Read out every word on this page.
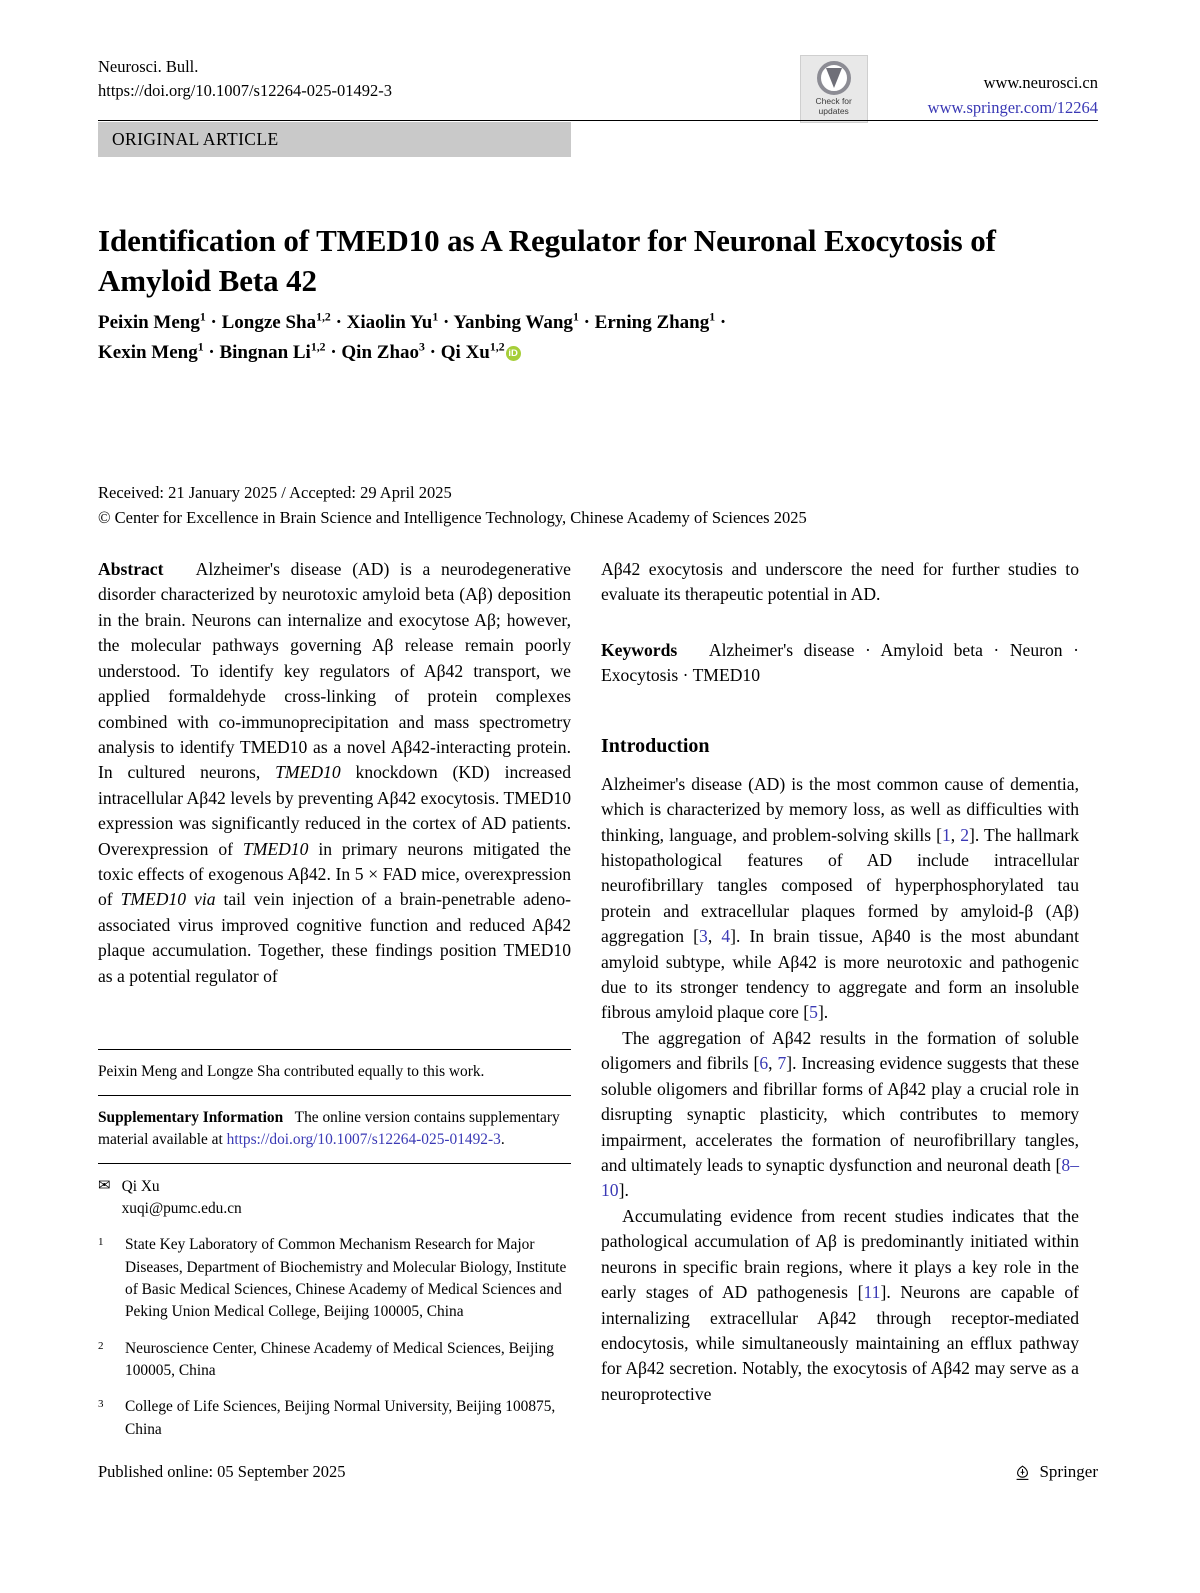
Neurosci. Bull.
https://doi.org/10.1007/s12264-025-01492-3
Check for
updates
www.neurosci.cn
www.springer.com/12264
ORIGINAL ARTICLE
Identification of TMED10 as A Regulator for Neuronal Exocytosis of Amyloid Beta 42
Peixin Meng$^1$ · Longze Sha$^{1,2}$ · Xiaolin $Yu^1$ · Yanbing Wang$^1$ · Erning Zhang$^1$ ·
Kexin Meng$^1$ · Bingnan Li$^{1,2}$ · Qin Zhao$^3$ · Qi Xu$^{1,2}$ iD
Received: 21 January 2025 / Accepted: 29 April 2025
© Center for Excellence in Brain Science and Intelligence Technology, Chinese Academy of Sciences 2025

Abstract Alzheimer's disease (AD) is a neurodegenerative disorder characterized by neurotoxic amyloid beta (Aβ) deposition in the brain. Neurons can internalize and exocytose Aβ; however, the molecular pathways governing Aβ release remain poorly understood. To identify key regulators of Aβ42 transport, we applied formaldehyde cross-linking of protein complexes combined with co-immunoprecipitation and mass spectrometry analysis to identify TMED10 as a novel Aβ42-interacting protein. In cultured neurons, TMED10 knockdown (KD) increased intracellular Aβ42 levels by preventing Aβ42 exocytosis. TMED10 expression was significantly reduced in the cortex of AD patients. Overexpression of TMED10 in primary neurons mitigated the toxic effects of exogenous Aβ42. In 5 × FAD mice, overexpression of TMED10 via tail vein injection of a brain-penetrable adeno-associated virus improved cognitive function and reduced Aβ42 plaque accumulation. Together, these findings position TMED10 as a potential regulator of

Peixin Meng and Longze Sha contributed equally to this work.

Supplementary Information The online version contains supplementary material available at https://doi.org/10.1007/s12264-025-01492-3.

✉ Qi Xu
xuqi@pumc.edu.cn
1	State Key Laboratory of Common Mechanism Research for Major Diseases, Department of Biochemistry and Molecular Biology, Institute of Basic Medical Sciences, Chinese Academy of Medical Sciences and Peking Union Medical College, Beijing 100005, China
2	Neuroscience Center, Chinese Academy of Medical Sciences, Beijing 100005, China
3	College of Life Sciences, Beijing Normal University, Beijing 100875, China

Aβ42 exocytosis and underscore the need for further studies to evaluate its therapeutic potential in AD.

Keywords Alzheimer's disease · Amyloid beta · Neuron · Exocytosis · TMED10

Introduction

Alzheimer's disease (AD) is the most common cause of dementia, which is characterized by memory loss, as well as difficulties with thinking, language, and problem-solving skills [1, 2]. The hallmark histopathological features of AD include intracellular neurofibrillary tangles composed of hyperphosphorylated tau protein and extracellular plaques formed by amyloid-β (Aβ) aggregation [3, 4]. In brain tissue, Aβ40 is the most abundant amyloid subtype, while Aβ42 is more neurotoxic and pathogenic due to its stronger tendency to aggregate and form an insoluble fibrous amyloid plaque core [5].

The aggregation of Aβ42 results in the formation of soluble oligomers and fibrils [6, 7]. Increasing evidence suggests that these soluble oligomers and fibrillar forms of Aβ42 play a crucial role in disrupting synaptic plasticity, which contributes to memory impairment, accelerates the formation of neurofibrillary tangles, and ultimately leads to synaptic dysfunction and neuronal death [8–10].

Accumulating evidence from recent studies indicates that the pathological accumulation of Aβ is predominantly initiated within neurons in specific brain regions, where it plays a key role in the early stages of AD pathogenesis [11]. Neurons are capable of internalizing extracellular Aβ42 through receptor-mediated endocytosis, while simultaneously maintaining an efflux pathway for Aβ42 secretion. Notably, the exocytosis of Aβ42 may serve as a neuroprotective

Published online: 05 September 2025	Springer
